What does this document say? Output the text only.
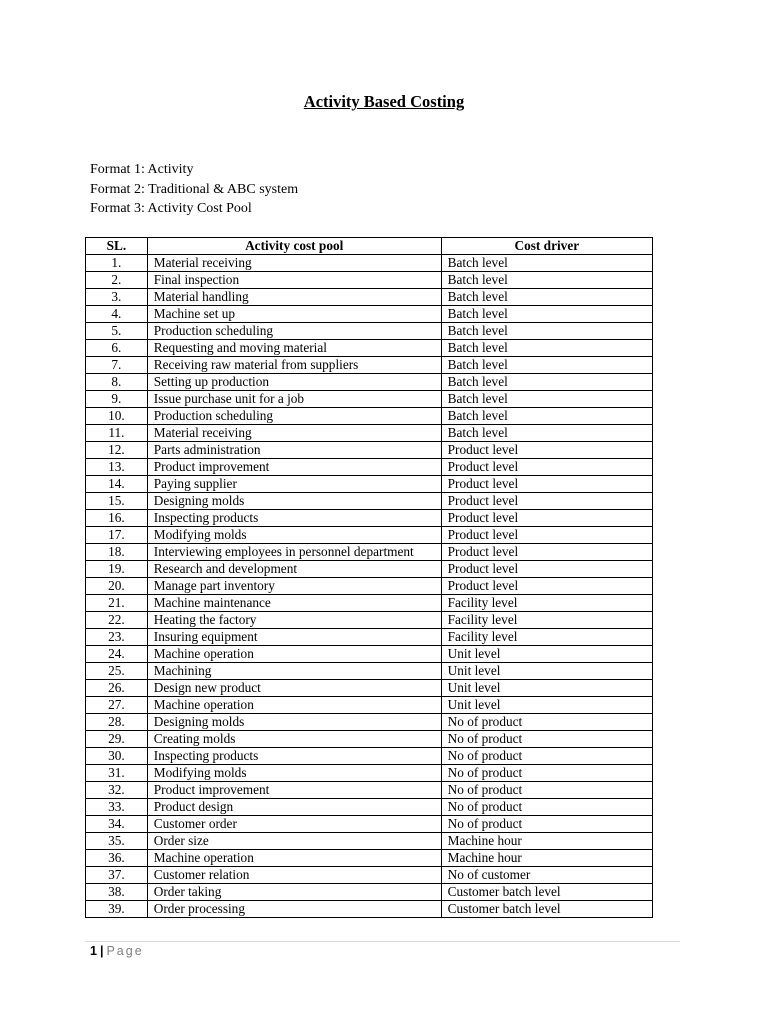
Activity Based Costing
Format 1: Activity
Format 2: Traditional & ABC system
Format 3: Activity Cost Pool
SL.	Activity cost pool	Cost driver
1.	Material receiving	Batch level
2.	Final inspection	Batch level
3.	Material handling	Batch level
4.	Machine set up	Batch level
5.	Production scheduling	Batch level
6.	Requesting and moving material	Batch level
7.	Receiving raw material from suppliers	Batch level
8.	Setting up production	Batch level
9.	Issue purchase unit for a job	Batch level
10.	Production scheduling	Batch level
11.	Material receiving	Batch level
12.	Parts administration	Product level
13.	Product improvement	Product level
14.	Paying supplier	Product level
15.	Designing molds	Product level
16.	Inspecting products	Product level
17.	Modifying molds	Product level
18.	Interviewing employees in personnel department	Product level
19.	Research and development	Product level
20.	Manage part inventory	Product level
21.	Machine maintenance	Facility level
22.	Heating the factory	Facility level
23.	Insuring equipment	Facility level
24.	Machine operation	Unit level
25.	Machining	Unit level
26.	Design new product	Unit level
27.	Machine operation	Unit level
28.	Designing molds	No of product
29.	Creating molds	No of product
30.	Inspecting products	No of product
31.	Modifying molds	No of product
32.	Product improvement	No of product
33.	Product design	No of product
34.	Customer order	No of product
35.	Order size	Machine hour
36.	Machine operation	Machine hour
37.	Customer relation	No of customer
38.	Order taking	Customer batch level
39.	Order processing	Customer batch level
1 | Page
